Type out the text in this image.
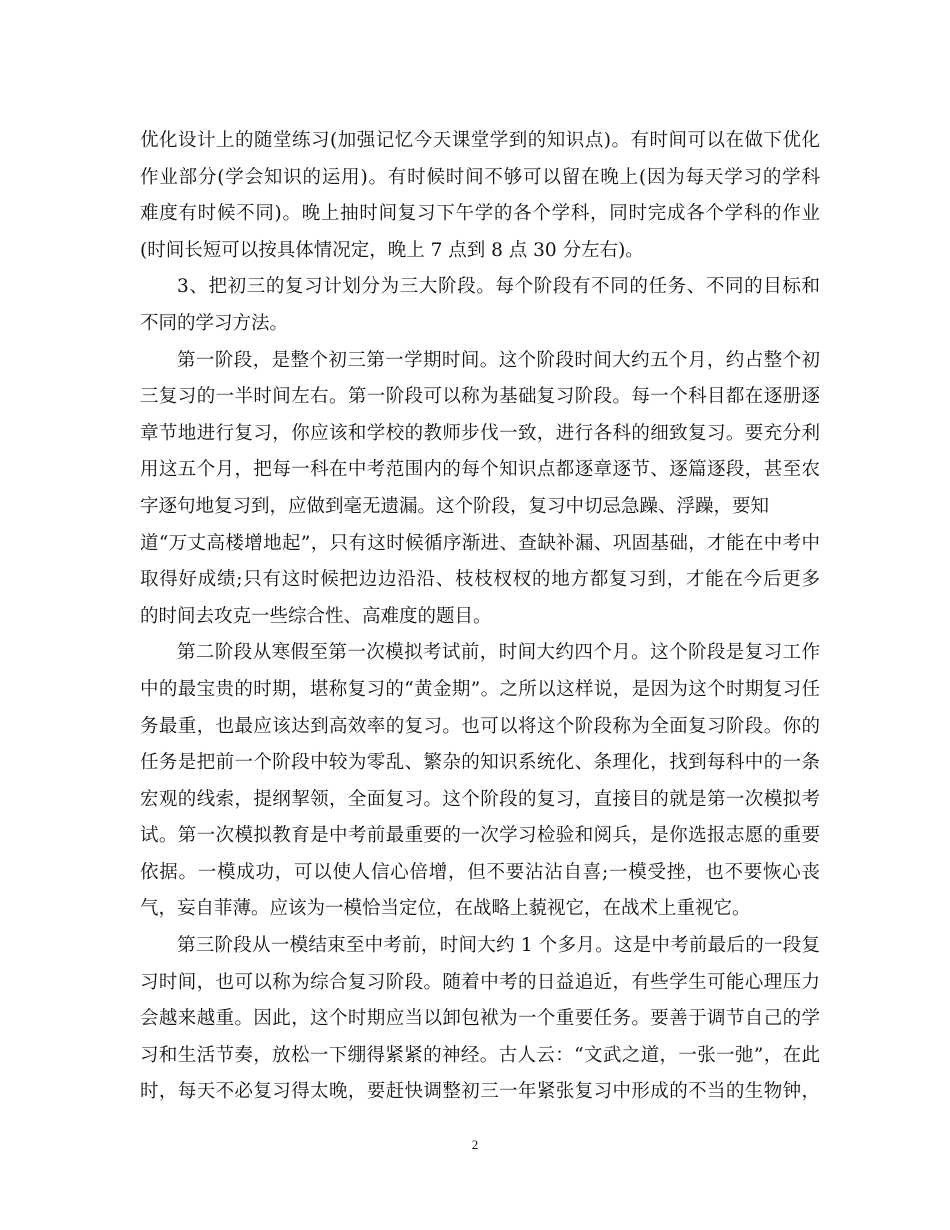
优化设计上的随堂练习(加强记忆今天课堂学到的知识点)。有时间可以在做下优化
作业部分(学会知识的运用)。有时候时间不够可以留在晚上(因为每天学习的学科
难度有时候不同)。晚上抽时间复习下午学的各个学科，同时完成各个学科的作业
(时间长短可以按具体情况定，晚上 7 点到 8 点 30 分左右)。
3、把初三的复习计划分为三大阶段。每个阶段有不同的任务、不同的目标和
不同的学习方法。
第一阶段，是整个初三第一学期时间。这个阶段时间大约五个月，约占整个初
三复习的一半时间左右。第一阶段可以称为基础复习阶段。每一个科目都在逐册逐
章节地进行复习，你应该和学校的教师步伐一致，进行各科的细致复习。要充分利
用这五个月，把每一科在中考范围内的每个知识点都逐章逐节、逐篇逐段，甚至农
字逐句地复习到，应做到毫无遗漏。这个阶段，复习中切忌急躁、浮躁，要知
道“万丈高楼增地起”，只有这时候循序渐进、查缺补漏、巩固基础，才能在中考中
取得好成绩;只有这时候把边边沿沿、枝枝杈杈的地方都复习到，才能在今后更多
的时间去攻克一些综合性、高难度的题目。
第二阶段从寒假至第一次模拟考试前，时间大约四个月。这个阶段是复习工作
中的最宝贵的时期，堪称复习的“黄金期”。之所以这样说，是因为这个时期复习任
务最重，也最应该达到高效率的复习。也可以将这个阶段称为全面复习阶段。你的
任务是把前一个阶段中较为零乱、繁杂的知识系统化、条理化，找到每科中的一条
宏观的线索，提纲挈领，全面复习。这个阶段的复习，直接目的就是第一次模拟考
试。第一次模拟教育是中考前最重要的一次学习检验和阅兵，是你选报志愿的重要
依据。一模成功，可以使人信心倍增，但不要沾沾自喜;一模受挫，也不要恢心丧
气，妄自菲薄。应该为一模恰当定位，在战略上藐视它，在战术上重视它。
第三阶段从一模结束至中考前，时间大约 1 个多月。这是中考前最后的一段复
习时间，也可以称为综合复习阶段。随着中考的日益追近，有些学生可能心理压力
会越来越重。因此，这个时期应当以卸包袱为一个重要任务。要善于调节自己的学
习和生活节奏，放松一下绷得紧紧的神经。古人云：“文武之道，一张一弛”，在此
时，每天不必复习得太晚，要赶快调整初三一年紧张复习中形成的不当的生物钟，
2
